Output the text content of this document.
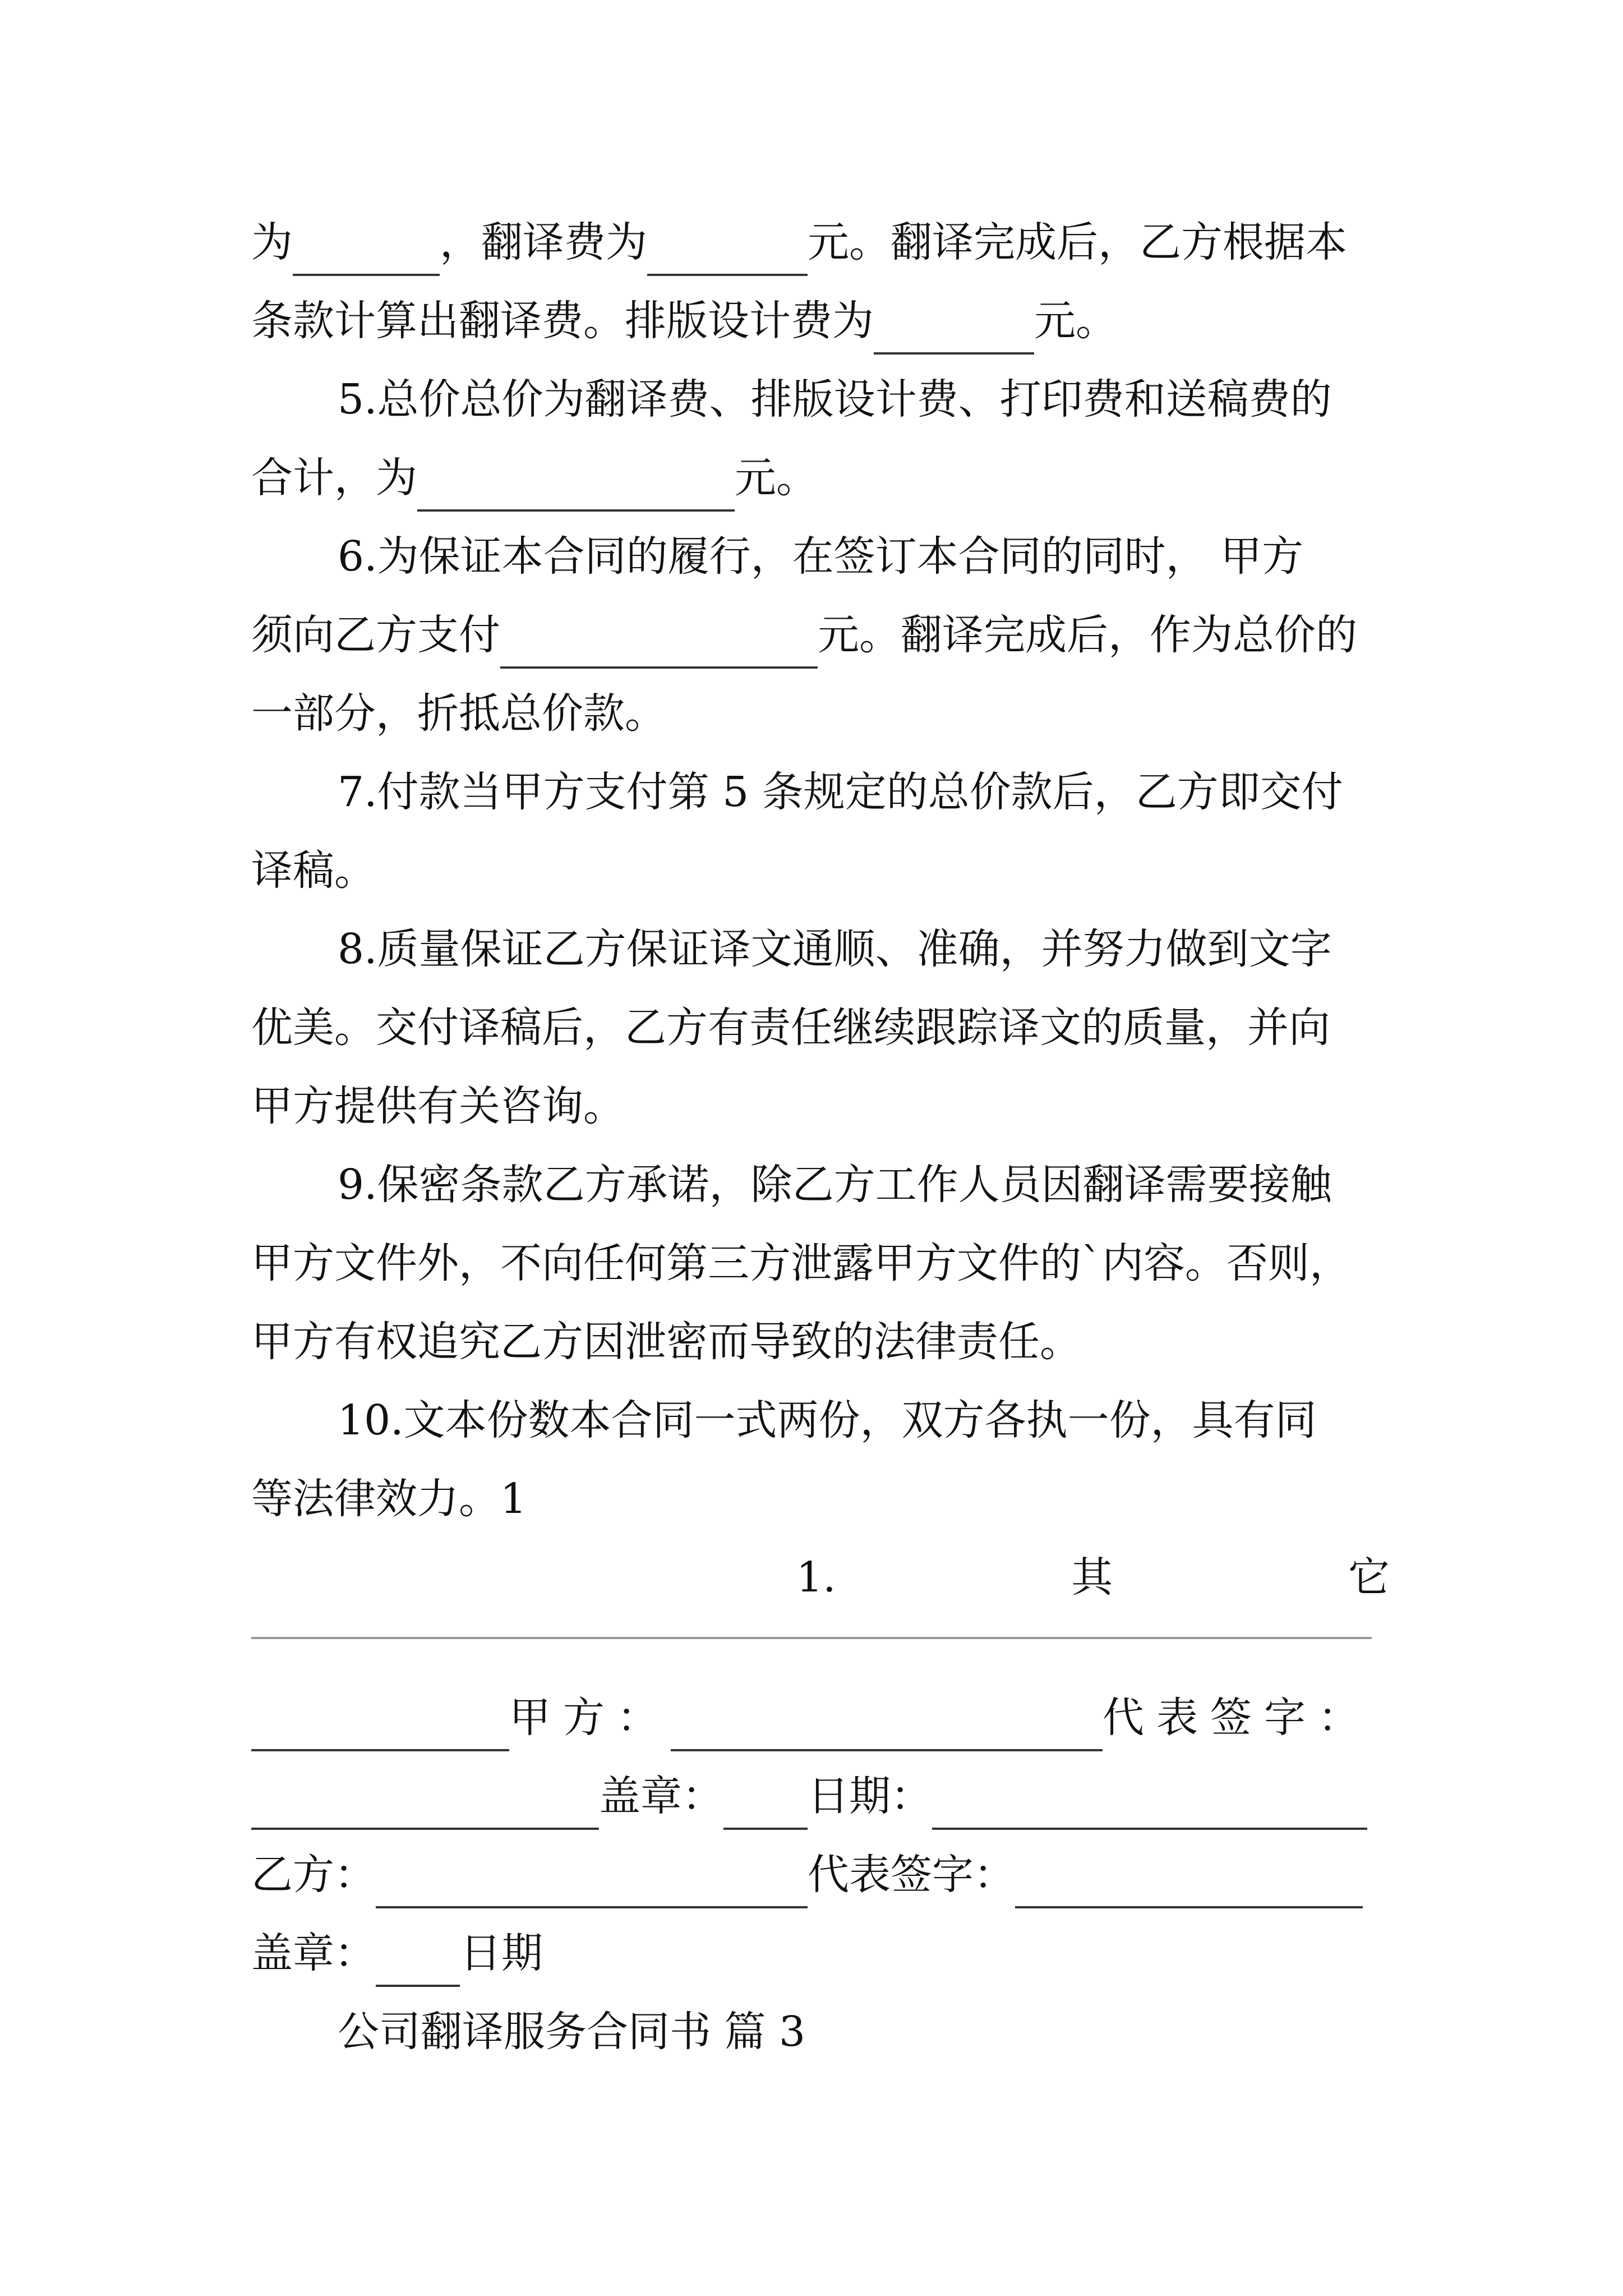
为	，翻译费为	元。翻译完成后，乙方根据本
条款计算出翻译费。排版设计费为	元。
5.总价总价为翻译费、排版设计费、打印费和送稿费的
合计，为	元。
6.为保证本合同的履行，在签订本合同的同时， 甲方
须向乙方支付	元。翻译完成后，作为总价的
一部分，折抵总价款。
7.付款当甲方支付第 5 条规定的总价款后，乙方即交付
译稿。
8.质量保证乙方保证译文通顺、准确，并努力做到文字
优美。交付译稿后，乙方有责任继续跟踪译文的质量，并向
甲方提供有关咨询。
9.保密条款乙方承诺，除乙方工作人员因翻译需要接触
甲方文件外，不向任何第三方泄露甲方文件的`内容。否则，
甲方有权追究乙方因泄密而导致的法律责任。
10.文本份数本合同一式两份，双方各执一份，具有同
等法律效力。1
1.	其	它
甲方：	代表签字：
盖章： 日期：
乙方：	代表签字：
盖章： 日期
公司翻译服务合同书 篇 3
